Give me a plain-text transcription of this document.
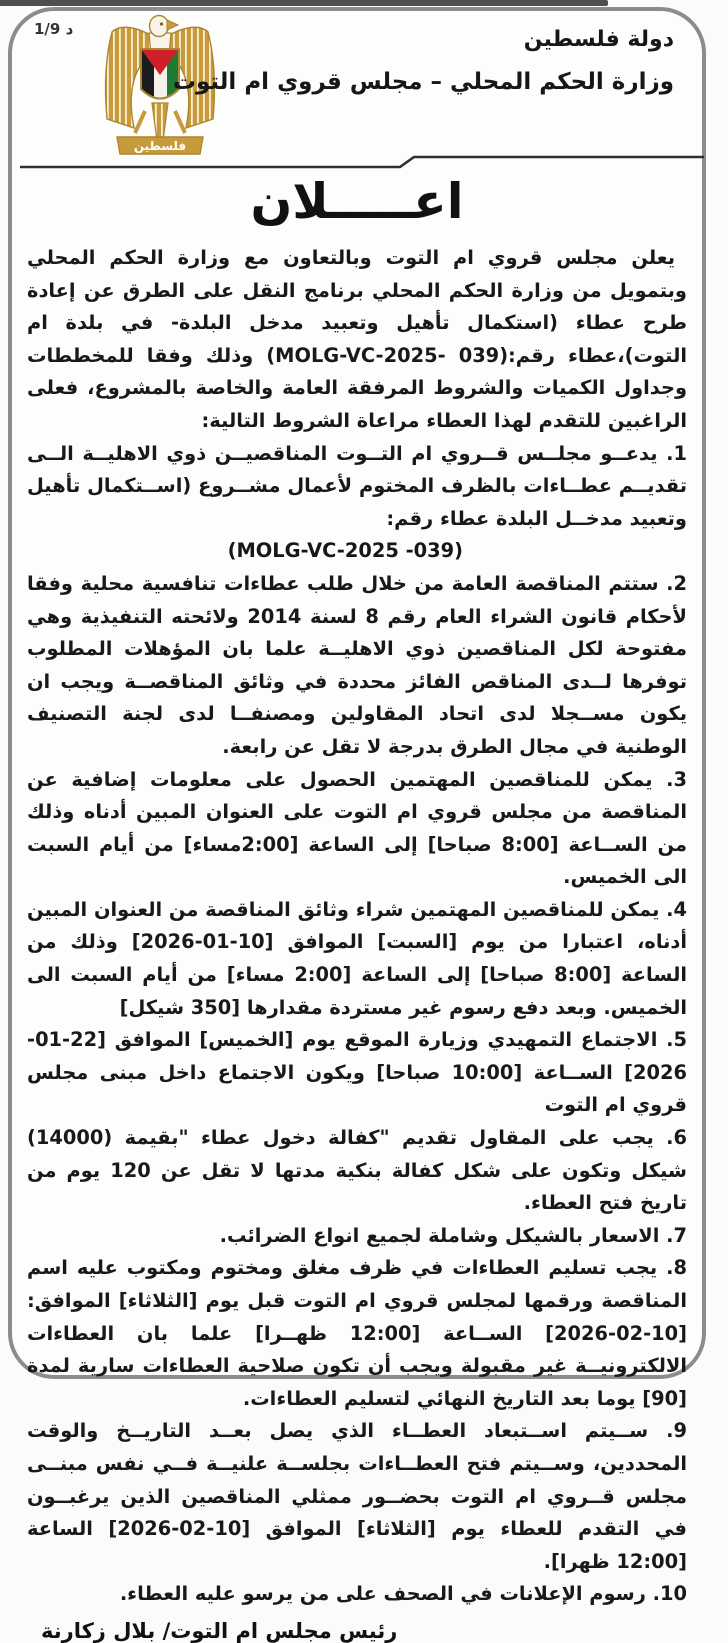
1/9 د
فلسطين
دولة فلسطين
وزارة الحكم المحلي – مجلس قروي ام التوت
اعـــــلان

يعلن مجلس قروي ام التوت وبالتعاون مع وزارة الحكم المحلي وبتمويل من وزارة الحكم المحلي برنامج النقل على الطرق عن إعادة طرح عطاء (استكمال تأهيل وتعبيد مدخل البلدة- في بلدة ام التوت)،عطاء رقم:(039 -MOLG-VC-2025) وذلك وفقا للمخططات وجداول الكميات والشروط المرفقة العامة والخاصة بالمشروع، فعلى الراغبين للتقدم لهذا العطاء مراعاة الشروط التالية:

1. يدعــو مجلــس قــروي ام التــوت المناقصيــن ذوي الاهليــة الــى تقديــم عطــاءات بالظرف المختوم لأعمال مشــروع (اســتكمال تأهيل وتعبيد مدخــل البلدة عطاء رقم:

(039- MOLG-VC-2025)

2. ستتم المناقصة العامة من خلال طلب عطاءات تنافسية محلية وفقا لأحكام قانون الشراء العام رقم 8 لسنة 2014 ولائحته التنفيذية وهي مفتوحة لكل المناقصين ذوي الاهليــة علما بان المؤهلات المطلوب توفرها لــدى المناقص الفائز محددة في وثائق المناقصــة ويجب ان يكون مســجلا لدى اتحاد المقاولين ومصنفــا لدى لجنة التصنيف الوطنية في مجال الطرق بدرجة لا تقل عن رابعة.

3. يمكن للمناقصين المهتمين الحصول على معلومات إضافية عن المناقصة من مجلس قروي ام التوت على العنوان المبين أدناه وذلك من الســاعة [8:00 صباحا] إلى الساعة [2:00مساء] من أيام السبت الى الخميس.

4. يمكن للمناقصين المهتمين شراء وثائق المناقصة من العنوان المبين أدناه، اعتبارا من يوم [السبت] الموافق [10-01-2026] وذلك من الساعة [8:00 صباحا] إلى الساعة [2:00 مساء] من أيام السبت الى الخميس. وبعد دفع رسوم غير مستردة مقدارها [350 شيكل]

5. الاجتماع التمهيدي وزيارة الموقع يوم [الخميس] الموافق [22-01-2026] الســاعة [10:00 صباحا] ويكون الاجتماع داخل مبنى مجلس قروي ام التوت

6. يجب على المقاول تقديم "كفالة دخول عطاء "بقيمة (14000) شيكل وتكون على شكل كفالة بنكية مدتها لا تقل عن 120 يوم من تاريخ فتح العطاء.

7. الاسعار بالشيكل وشاملة لجميع انواع الضرائب.

8. يجب تسليم العطاءات في ظرف مغلق ومختوم ومكتوب عليه اسم المناقصة ورقمها لمجلس قروي ام التوت قبل يوم [الثلاثاء] الموافق: [10-02-2026] الســاعة [12:00 ظهــرا] علما بان العطاءات الالكترونيــة غير مقبولة ويجب أن تكون صلاحية العطاءات سارية لمدة [90] يوما بعد التاريخ النهائي لتسليم العطاءات.

9. ســيتم اســتبعاد العطــاء الذي يصل بعــد التاريــخ والوقت المحددين، وســيتم فتح العطــاءات بجلســة علنيــة فــي نفس مبنــى مجلس قــروي ام التوت بحضــور ممثلي المناقصين الذين يرغبــون في التقدم للعطاء يوم [الثلاثاء] الموافق [10-02-2026] الساعة [12:00 ظهرا].

10. رسوم الإعلانات في الصحف على من يرسو عليه العطاء.

رئيس مجلس ام التوت/ بلال زكارنة
